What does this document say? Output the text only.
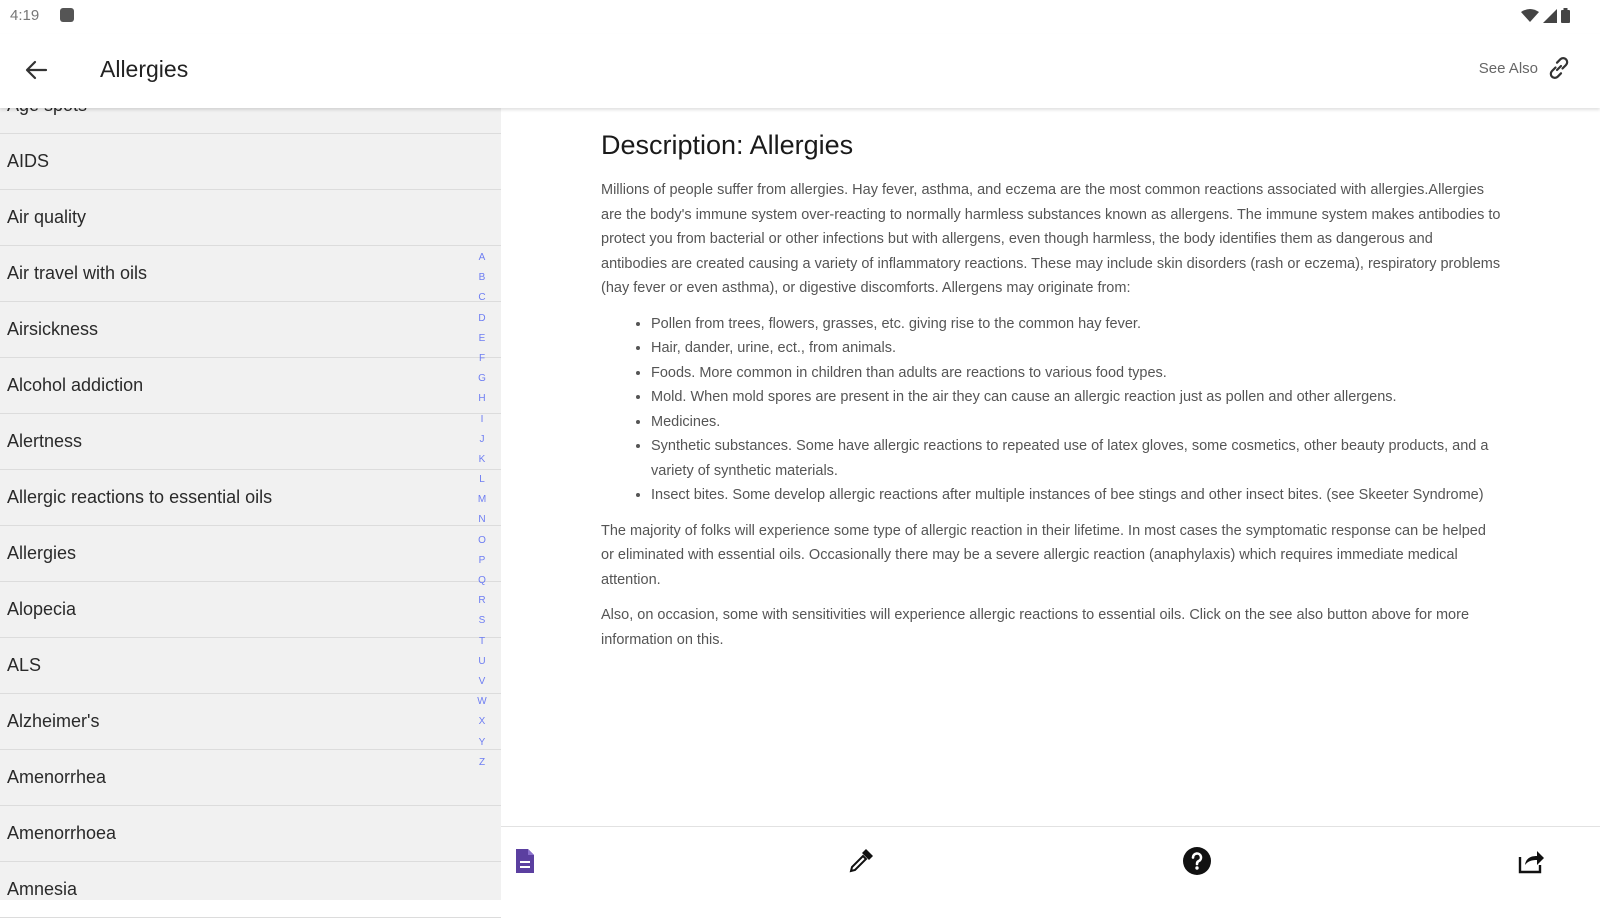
4:19
Allergies	See Also
AIDS
Air quality
Air travel with oils
Airsickness
Alcohol addiction
Alertness
Allergic reactions to essential oils
Allergies
Alopecia
ALS
Alzheimer's
Amenorrhea
Amenorrhoea
Amnesia
A
B
C
D
E
F
G
H
I
J
K
L
M
N
O
P
Q
R
S
T
U
V
W
X
Y
Z
Description: Allergies

Millions of people suffer from allergies. Hay fever, asthma, and eczema are the most common reactions associated with allergies.Allergies are the body's immune system over-reacting to normally harmless substances known as allergens. The immune system makes antibodies to protect you from bacterial or other infections but with allergens, even though harmless, the body identifies them as dangerous and antibodies are created causing a variety of inflammatory reactions. These may include skin disorders (rash or eczema), respiratory problems (hay fever or even asthma), or digestive discomforts. Allergens may originate from:

• Pollen from trees, flowers, grasses, etc. giving rise to the common hay fever.
• Hair, dander, urine, ect., from animals.
• Foods. More common in children than adults are reactions to various food types.
• Mold. When mold spores are present in the air they can cause an allergic reaction just as pollen and other allergens.
• Medicines.
• Synthetic substances. Some have allergic reactions to repeated use of latex gloves, some cosmetics, other beauty products, and a variety of synthetic materials.
• Insect bites. Some develop allergic reactions after multiple instances of bee stings and other insect bites. (see Skeeter Syndrome)

The majority of folks will experience some type of allergic reaction in their lifetime. In most cases the symptomatic response can be helped or eliminated with essential oils. Occasionally there may be a severe allergic reaction (anaphylaxis) which requires immediate medical attention.

Also, on occasion, some with sensitivities will experience allergic reactions to essential oils. Click on the see also button above for more information on this.
